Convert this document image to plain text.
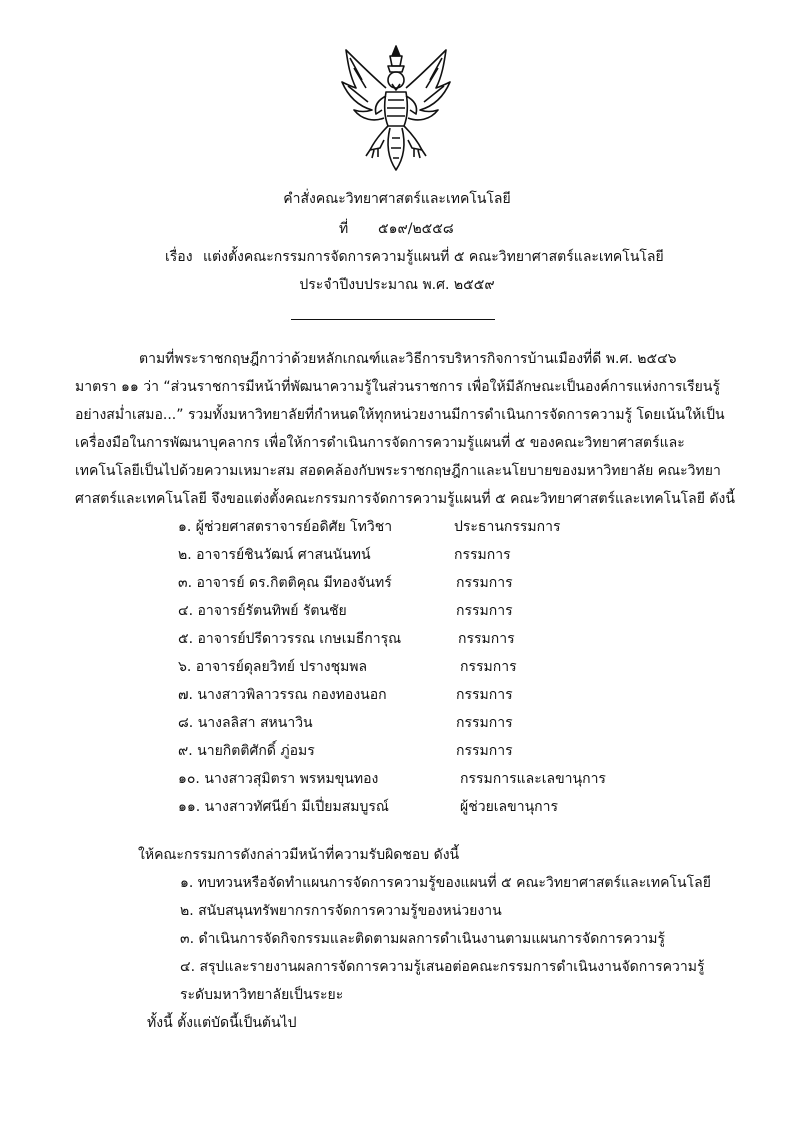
คำสั่งคณะวิทยาศาสตร์และเทคโนโลยี
ที่ ๕๑๙/๒๕๕๘
เรื่อง แต่งตั้งคณะกรรมการจัดการความรู้แผนที่ ๕ คณะวิทยาศาสตร์และเทคโนโลยี
ประจำปีงบประมาณ พ.ศ. ๒๕๕๙
ตามที่พระราชกฤษฎีกาว่าด้วยหลักเกณฑ์และวิธีการบริหารกิจการบ้านเมืองที่ดี พ.ศ. ๒๕๔๖
มาตรา ๑๑ ว่า “ส่วนราชการมีหน้าที่พัฒนาความรู้ในส่วนราชการ เพื่อให้มีลักษณะเป็นองค์การแห่งการเรียนรู้
อย่างสม่ำเสมอ...” รวมทั้งมหาวิทยาลัยที่กำหนดให้ทุกหน่วยงานมีการดำเนินการจัดการความรู้ โดยเน้นให้เป็น
เครื่องมือในการพัฒนาบุคลากร เพื่อให้การดำเนินการจัดการความรู้แผนที่ ๕ ของคณะวิทยาศาสตร์และ
เทคโนโลยีเป็นไปด้วยความเหมาะสม สอดคล้องกับพระราชกฤษฎีกาและนโยบายของมหาวิทยาลัย คณะวิทยา
ศาสตร์และเทคโนโลยี จึงขอแต่งตั้งคณะกรรมการจัดการความรู้แผนที่ ๕ คณะวิทยาศาสตร์และเทคโนโลยี ดังนี้
๑. ผู้ช่วยศาสตราจารย์อดิศัย โทวิชา	ประธานกรรมการ
๒. อาจารย์ชินวัฒน์ ศาสนนันทน์	กรรมการ
๓. อาจารย์ ดร.กิตติคุณ มีทองจันทร์	กรรมการ
๔. อาจารย์รัตนทิพย์ รัตนชัย	กรรมการ
๕. อาจารย์ปรีดาวรรณ เกษเมธีการุณ	กรรมการ
๖. อาจารย์ดุลยวิทย์ ปรางชุมพล	กรรมการ
๗. นางสาวพิลาวรรณ กองทองนอก	กรรมการ
๘. นางลลิสา สหนาวิน	กรรมการ
๙. นายกิตติศักดิ์ ภู่อมร	กรรมการ
๑๐. นางสาวสุมิตรา พรหมขุนทอง	กรรมการและเลขานุการ
๑๑. นางสาวทัศนีย์า มีเปี่ยมสมบูรณ์	ผู้ช่วยเลขานุการ
ให้คณะกรรมการดังกล่าวมีหน้าที่ความรับผิดชอบ ดังนี้
๑. ทบทวนหรือจัดทำแผนการจัดการความรู้ของแผนที่ ๕ คณะวิทยาศาสตร์และเทคโนโลยี
๒. สนับสนุนทรัพยากรการจัดการความรู้ของหน่วยงาน
๓. ดำเนินการจัดกิจกรรมและติดตามผลการดำเนินงานตามแผนการจัดการความรู้
๔. สรุปและรายงานผลการจัดการความรู้เสนอต่อคณะกรรมการดำเนินงานจัดการความรู้
ระดับมหาวิทยาลัยเป็นระยะ
ทั้งนี้ ตั้งแต่บัดนี้เป็นต้นไป
